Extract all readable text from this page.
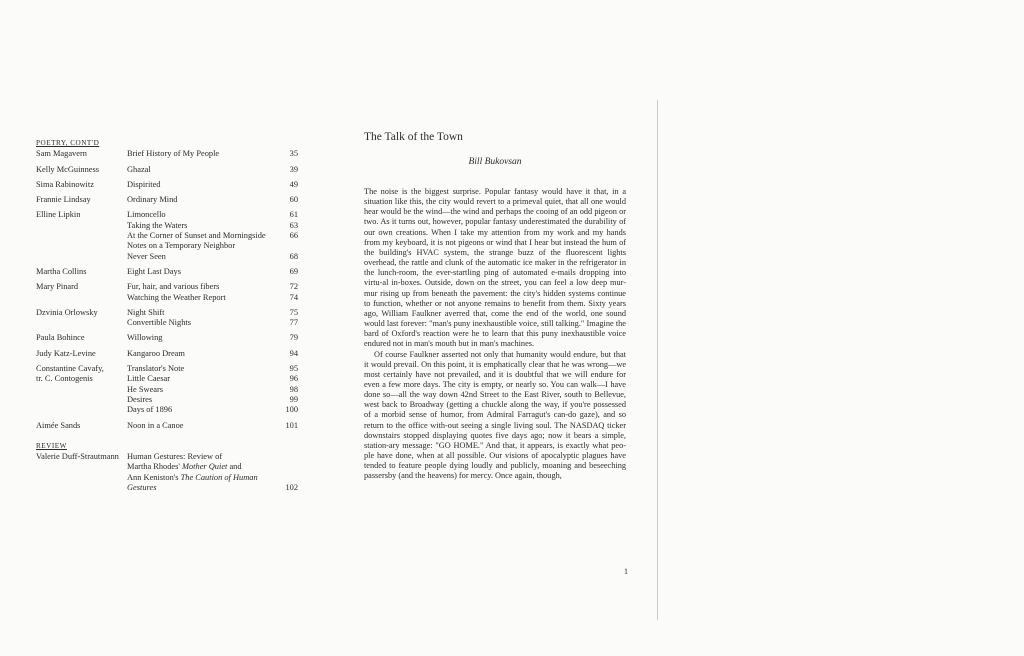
POETRY, CONT'D
Sam Magavern	Brief History of My People	35
Kelly McGuinness	Ghazal	39
Sima Rabinowitz	Dispirited	49
Frannie Lindsay	Ordinary Mind	60
Elline Lipkin	Limoncello	61
Taking the Waters	63
At the Corner of Sunset and Morningside	66
Notes on a Temporary Neighbor
Never Seen	68
Martha Collins	Eight Last Days	69
Mary Pinard	Fur, hair, and various fibers	72
Watching the Weather Report	74
Dzvinia Orlowsky	Night Shift	75
Convertible Nights	77
Paula Bohince	Willowing	79
Judy Katz-Levine	Kangaroo Dream	94
Constantine Cavafy,	Translator's Note	95
tr. C. Contogenis	Little Caesar	96
He Swears	98
Desires	99
Days of 1896	100
Aimée Sands	Noon in a Canoe	101
REVIEW
Valerie Duff-Strautmann Human Gestures: Review of
Martha Rhodes' Mother Quiet and
Ann Keniston's The Caution of Human
Gestures	102
The Talk of the Town

Bill Bukovsan

The noise is the biggest surprise. Popular fantasy would have it that, in a situation like this, the city would revert to a primeval quiet, that all one would hear would be the wind—the wind and perhaps the cooing of an odd pigeon or two. As it turns out, however, popular fantasy underestimated the durability of our own creations. When I take my attention from my work and my hands from my keyboard, it is not pigeons or wind that I hear but instead the hum of the building's HVAC system, the strange buzz of the fluorescent lights overhead, the rattle and clunk of the automatic ice maker in the refrigerator in the lunch-room, the ever-startling ping of automated e-mails dropping into virtu-al in-boxes. Outside, down on the street, you can feel a low deep mur-mur rising up from beneath the pavement: the city's hidden systems continue to function, whether or not anyone remains to benefit from them. Sixty years ago, William Faulkner averred that, come the end of the world, one sound would last forever: "man's puny inexhaustible voice, still talking." Imagine the bard of Oxford's reaction were he to learn that this puny inexhaustible voice endured not in man's mouth but in man's machines.

Of course Faulkner asserted not only that humanity would endure, but that it would prevail. On this point, it is emphatically clear that he was wrong—we most certainly have not prevailed, and it is doubtful that we will endure for even a few more days. The city is empty, or nearly so. You can walk—I have done so—all the way down 42nd Street to the East River, south to Bellevue, west back to Broadway (getting a chuckle along the way, if you're possessed of a morbid sense of humor, from Admiral Farragut's can-do gaze), and so return to the office with-out seeing a single living soul. The NASDAQ ticker downstairs stopped displaying quotes five days ago; now it bears a simple, station-ary message: "GO HOME." And that, it appears, is exactly what peo-ple have done, when at all possible. Our visions of apocalyptic plagues have tended to feature people dying loudly and publicly, moaning and beseeching passersby (and the heavens) for mercy. Once again, though,

1
